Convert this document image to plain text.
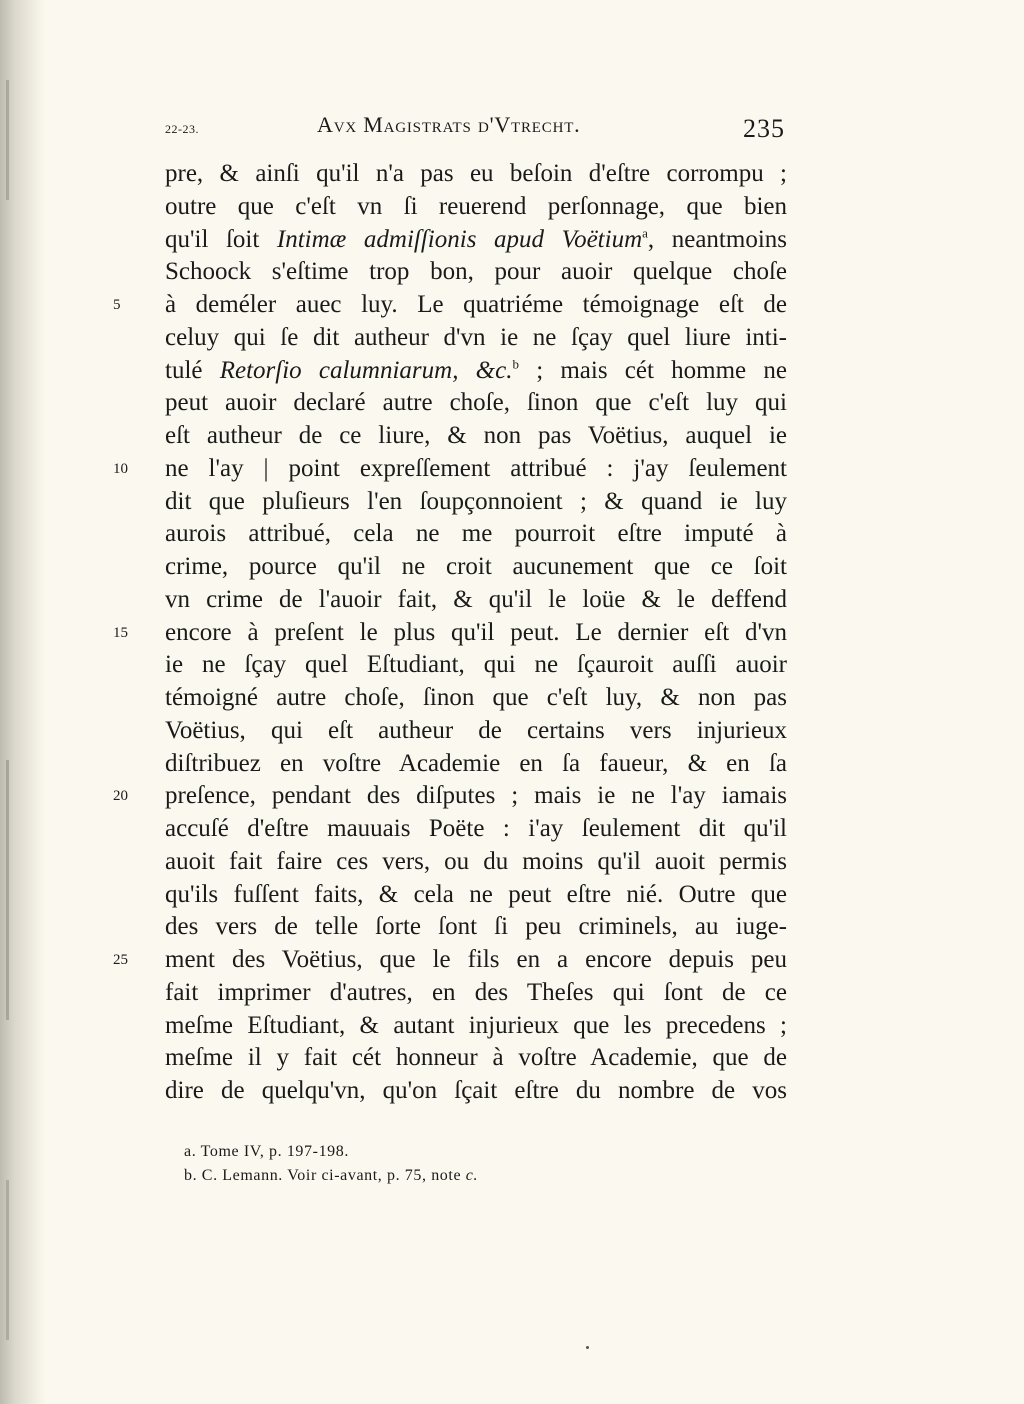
22-23.	Avx Magistrats d'Vtrecht.	235
pre, & ainſi qu'il n'a pas eu beſoin d'eſtre corrompu ;
outre que c'eſt vn ſi reuerend perſonnage, que bien
qu'il ſoit Intimæ admiſſionis apud Voëtium$^a$, neantmoins
Schoock s'eſtime trop bon, pour auoir quelque choſe
5	à deméler auec luy. Le quatriéme témoignage eſt de
celuy qui ſe dit autheur d'vn ie ne ſçay quel liure inti-
tulé Retorſio calumniarum, &c.$^b$ ; mais cét homme ne
peut auoir declaré autre choſe, ſinon que c'eſt luy qui
eſt autheur de ce liure, & non pas Voëtius, auquel ie
10	ne l'ay | point expreſſement attribué : j'ay ſeulement
dit que pluſieurs l'en ſoupçonnoient ; & quand ie luy
aurois attribué, cela ne me pourroit eſtre imputé à
crime, pource qu'il ne croit aucunement que ce ſoit
vn crime de l'auoir fait, & qu'il le loüe & le deffend
15	encore à preſent le plus qu'il peut. Le dernier eſt d'vn
ie ne ſçay quel Eſtudiant, qui ne ſçauroit auſſi auoir
témoigné autre choſe, ſinon que c'eſt luy, & non pas
Voëtius, qui eſt autheur de certains vers injurieux
diſtribuez en voſtre Academie en ſa faueur, & en ſa
20	preſence, pendant des diſputes ; mais ie ne l'ay iamais
accuſé d'eſtre mauuais Poëte : i'ay ſeulement dit qu'il
auoit fait faire ces vers, ou du moins qu'il auoit permis
qu'ils fuſſent faits, & cela ne peut eſtre nié. Outre que
des vers de telle ſorte ſont ſi peu criminels, au iuge-
25	ment des Voëtius, que le fils en a encore depuis peu
fait imprimer d'autres, en des Theſes qui ſont de ce
meſme Eſtudiant, & autant injurieux que les precedens ;
meſme il y fait cét honneur à voſtre Academie, que de
dire de quelqu'vn, qu'on ſçait eſtre du nombre de vos
a. Tome IV, p. 197-198.
b. C. Lemann. Voir ci-avant, p. 75, note c.
